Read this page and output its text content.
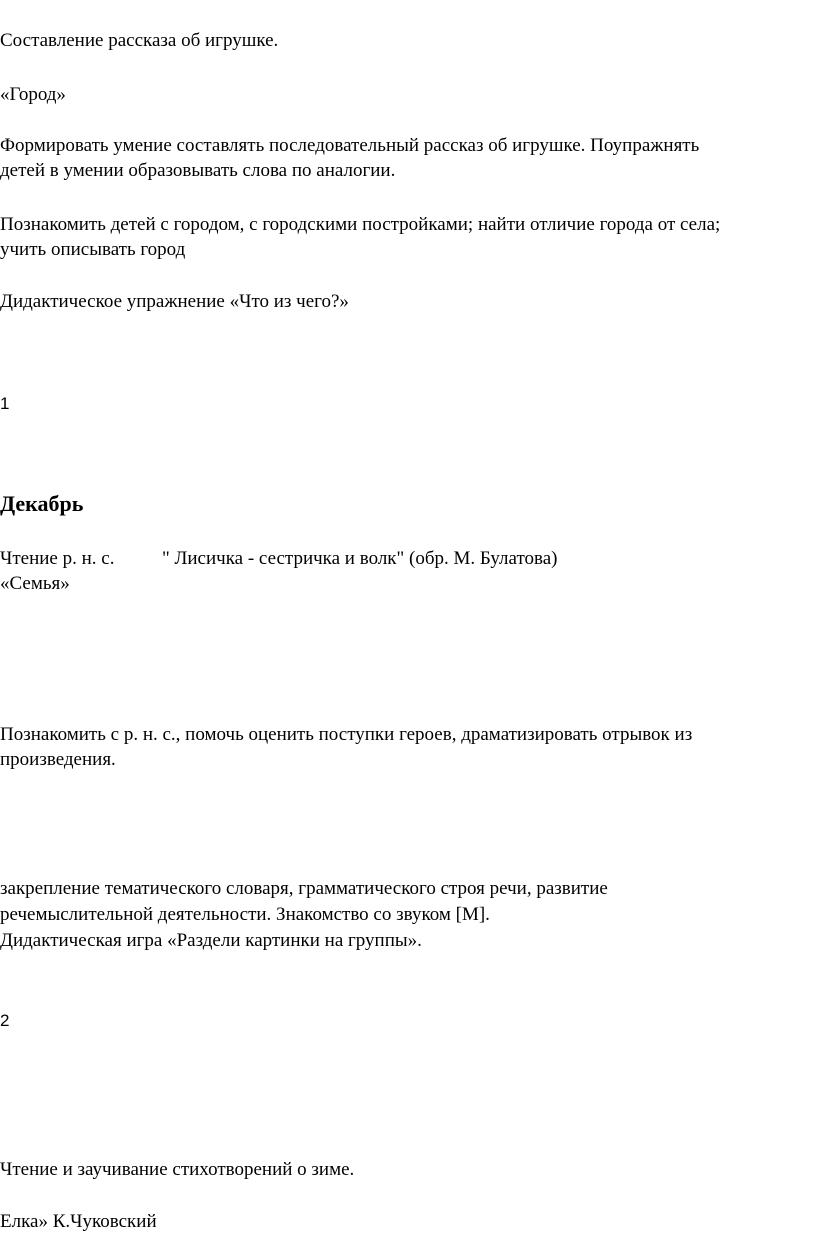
Составление рассказа об игрушке.

«Город»

Формировать умение составлять последовательный рассказ об игрушке. Поупражнять

детей в умении образовывать слова по аналогии.

Познакомить детей с городом, с городскими постройками; найти отличие города от села;

учить описывать город

Дидактическое упражнение «Что из чего?»

1

Декабрь

Чтение р. н. с.	" Лисичка - сестричка и волк" (обр. М. Булатова)

«Семья»

Познакомить с р. н. с., помочь оценить поступки героев, драматизировать отрывок из

произведения.

закрепление тематического словаря, грамматического строя речи, развитие

речемыслительной деятельности. Знакомство со звуком [М].

Дидактическая игра «Раздели картинки на группы».

2

Чтение и заучивание стихотворений о зиме.

Елка» К.Чуковский
